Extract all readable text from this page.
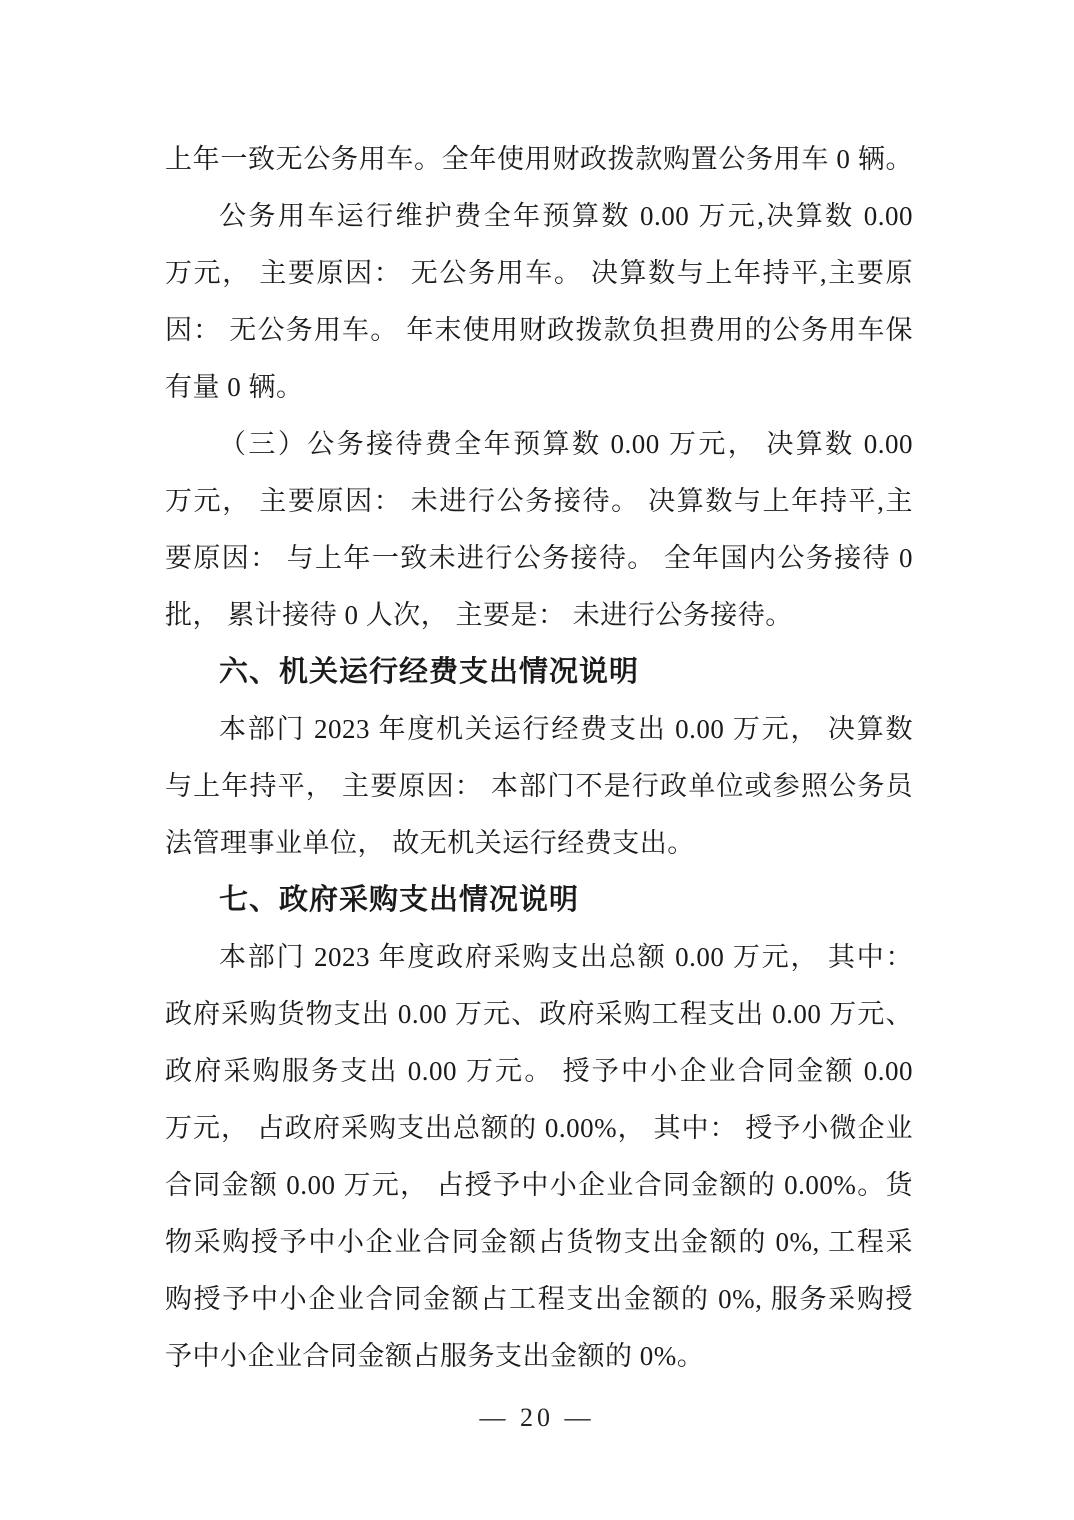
上年一致无公务用车。全年使用财政拨款购置公务用车 0 辆。
公务用车运行维护费全年预算数 0.00 万元,决算数 0.00
万元， 主要原因： 无公务用车。 决算数与上年持平,主要原
因： 无公务用车。 年末使用财政拨款负担费用的公务用车保
有量 0 辆。
（三）公务接待费全年预算数 0.00 万元， 决算数 0.00
万元， 主要原因： 未进行公务接待。 决算数与上年持平,主
要原因： 与上年一致未进行公务接待。 全年国内公务接待 0
批， 累计接待 0 人次， 主要是： 未进行公务接待。
六、机关运行经费支出情况说明
本部门 2023 年度机关运行经费支出 0.00 万元， 决算数
与上年持平， 主要原因： 本部门不是行政单位或参照公务员
法管理事业单位， 故无机关运行经费支出。
七、政府采购支出情况说明
本部门 2023 年度政府采购支出总额 0.00 万元， 其中：
政府采购货物支出 0.00 万元、政府采购工程支出 0.00 万元、
政府采购服务支出 0.00 万元。 授予中小企业合同金额 0.00
万元， 占政府采购支出总额的 0.00%， 其中： 授予小微企业
合同金额 0.00 万元， 占授予中小企业合同金额的 0.00%。货
物采购授予中小企业合同金额占货物支出金额的 0%, 工程采
购授予中小企业合同金额占工程支出金额的 0%, 服务采购授
予中小企业合同金额占服务支出金额的 0%。
— 20 —
